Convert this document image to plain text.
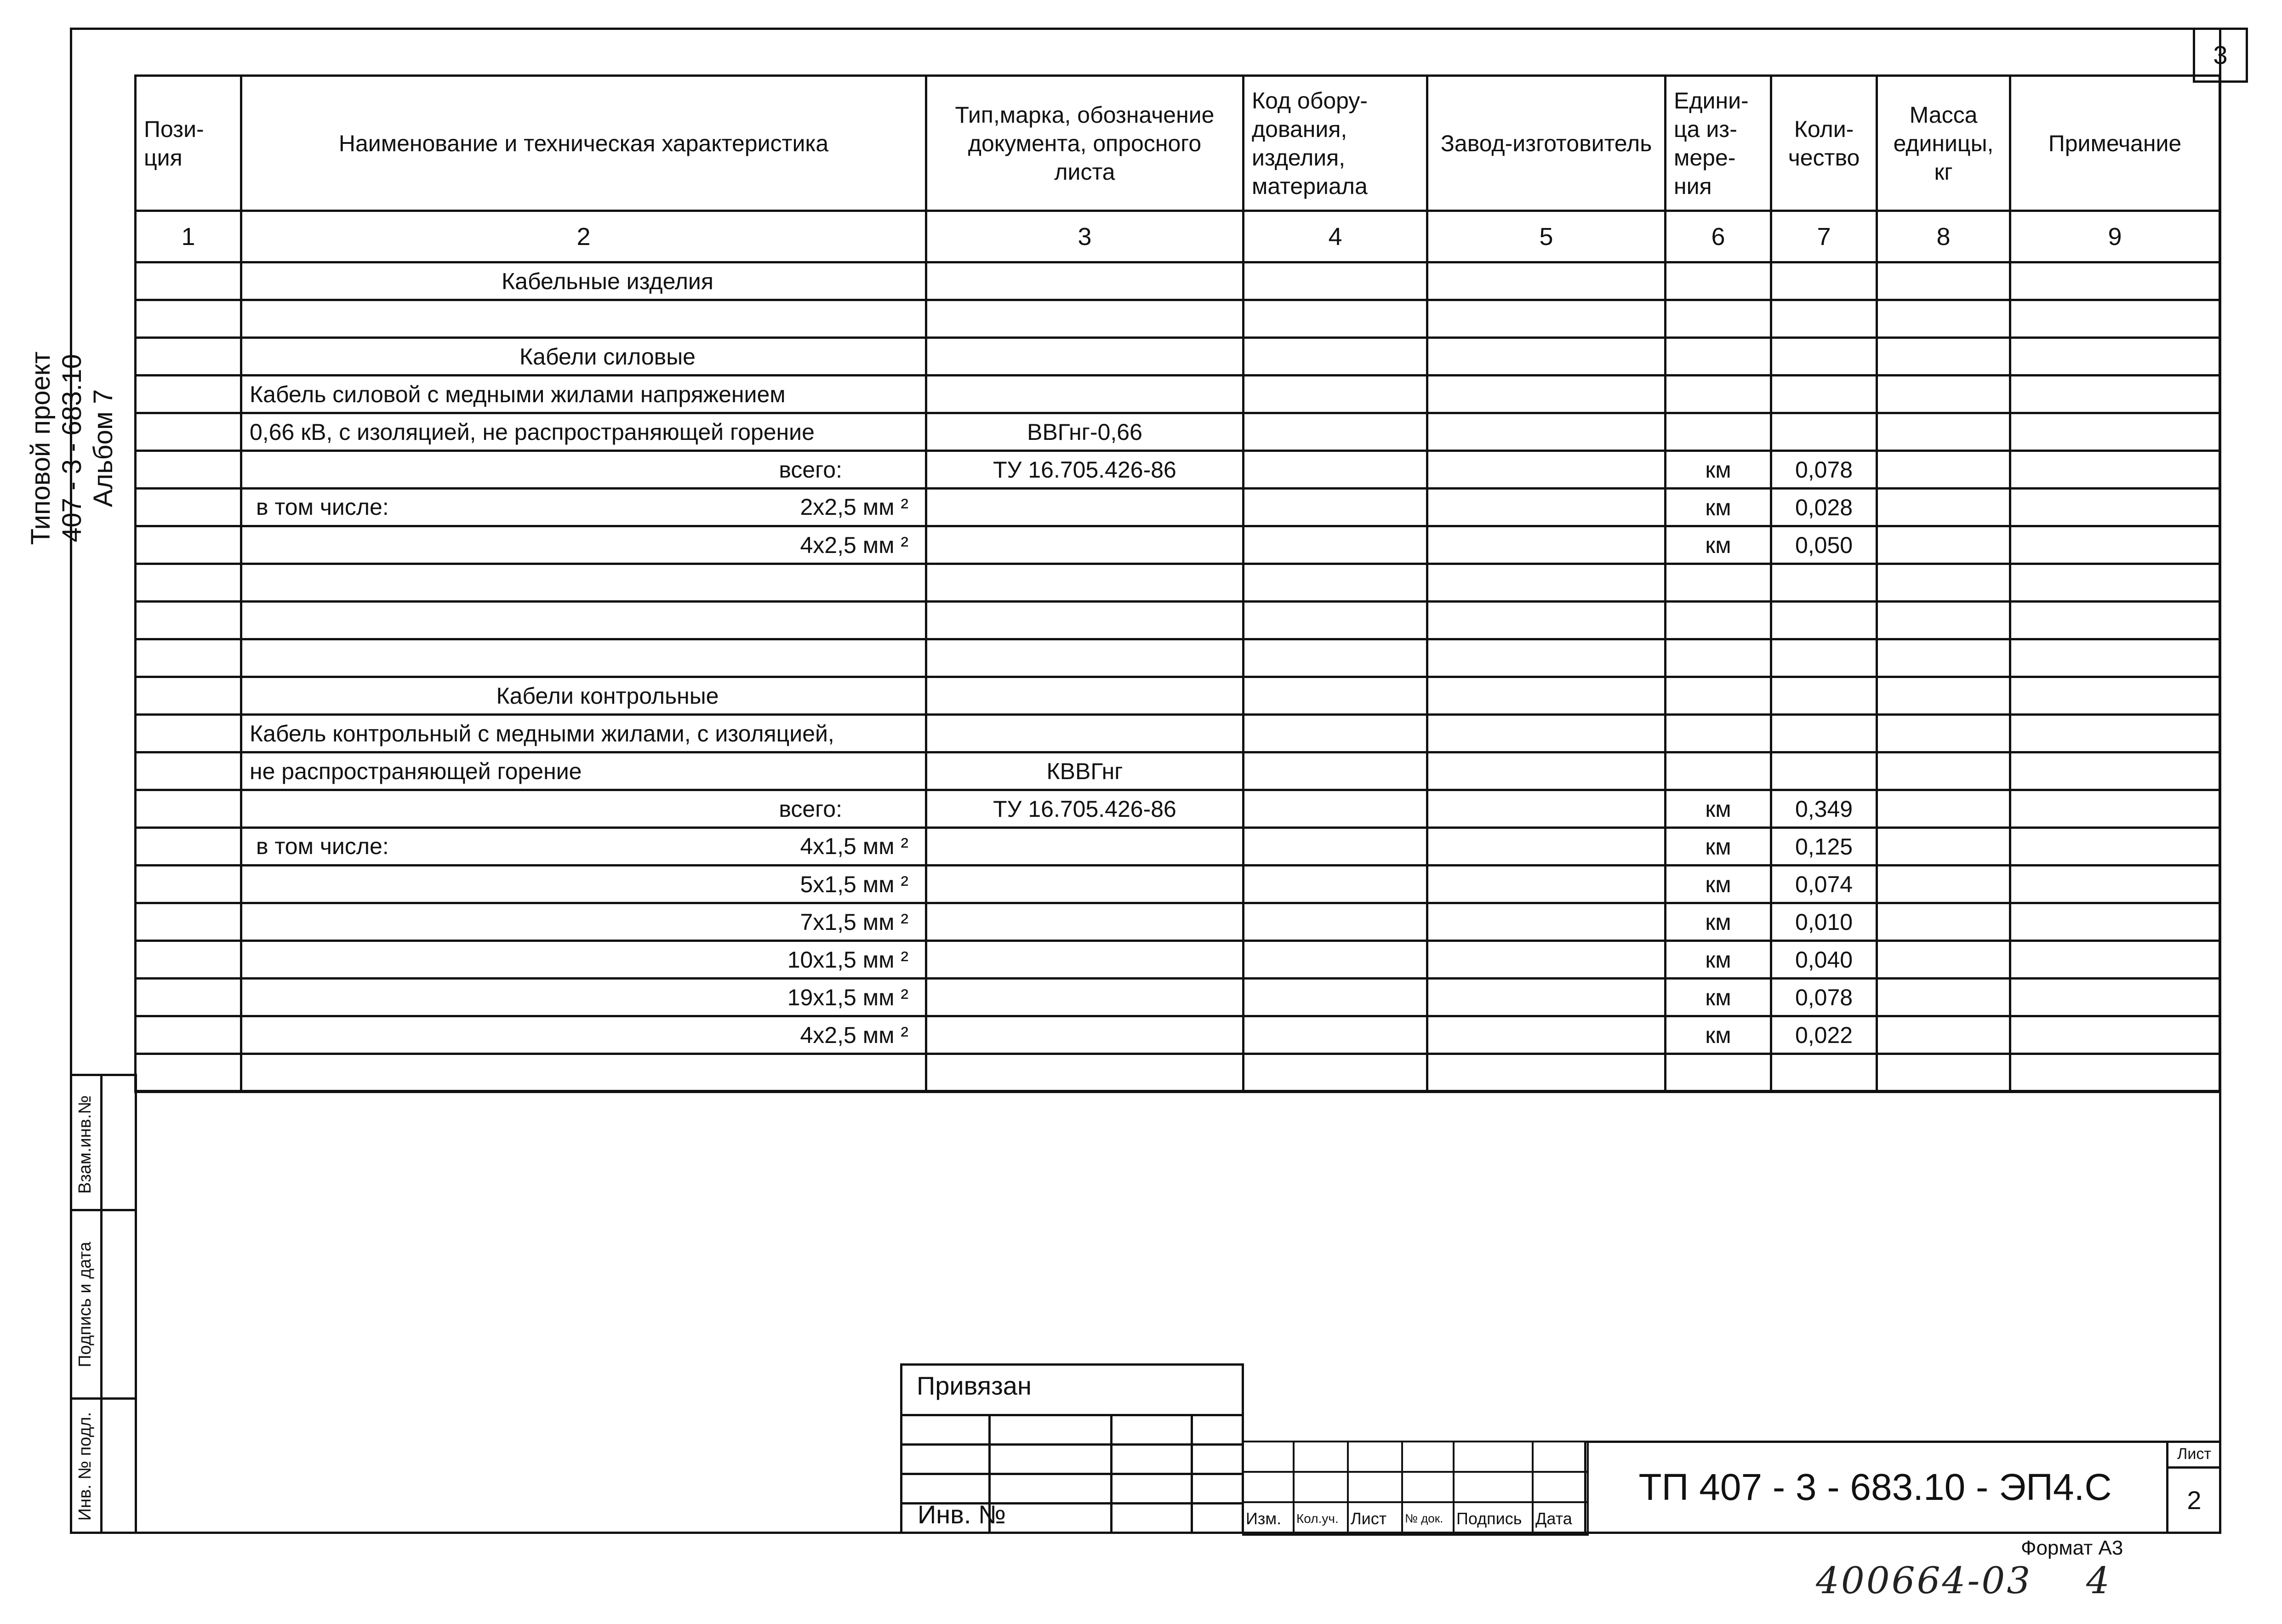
3
Типовой проект 407 - 3 - 683.10 Альбом 7
Взам.инв.№
Подпись и дата
Инв. № подл.
Пози-ция	Наименование и техническая характеристика	Тип,марка, обозначение документа, опросного листа	Код обору-дования, изделия, материала	Завод-изготовитель	Едини-ца из-мере-ния	Коли-чество	Масса единицы, кг	Примечание
1	2	3	4	5	6	7	8	9
	Кабельные изделия							

	Кабели силовые							
	Кабель силовой с медными жилами напряжением							
	0,66 кВ, с изоляцией, не распространяющей горение	ВВГнг-0,66						
	всего:	ТУ 16.705.426-86			км	0,078		

	в том числе: 2х2,5 мм ²				км	0,028		
	4х2,5 мм ²				км	0,050		

	Кабели контрольные							
	Кабель контрольный с медными жилами, с изоляцией,							
	не распространяющей горение	КВВГнг						
	всего:	ТУ 16.705.426-86			км	0,349		

	в том числе: 4х1,5 мм ²				км	0,125		
	5х1,5 мм ²				км	0,074		
	7х1,5 мм ²				км	0,010		
	10х1,5 мм ²				км	0,040		
	19х1,5 мм ²				км	0,078		
	4х2,5 мм ²				км	0,022		

Привязан
Инв. №

						Изм.	Кол.уч.	Лист	№ док.	Подпись	Дата
ТП 407 - 3 - 683.10 - ЭП4.С
Лист
2
Формат А3
400664-03    4
